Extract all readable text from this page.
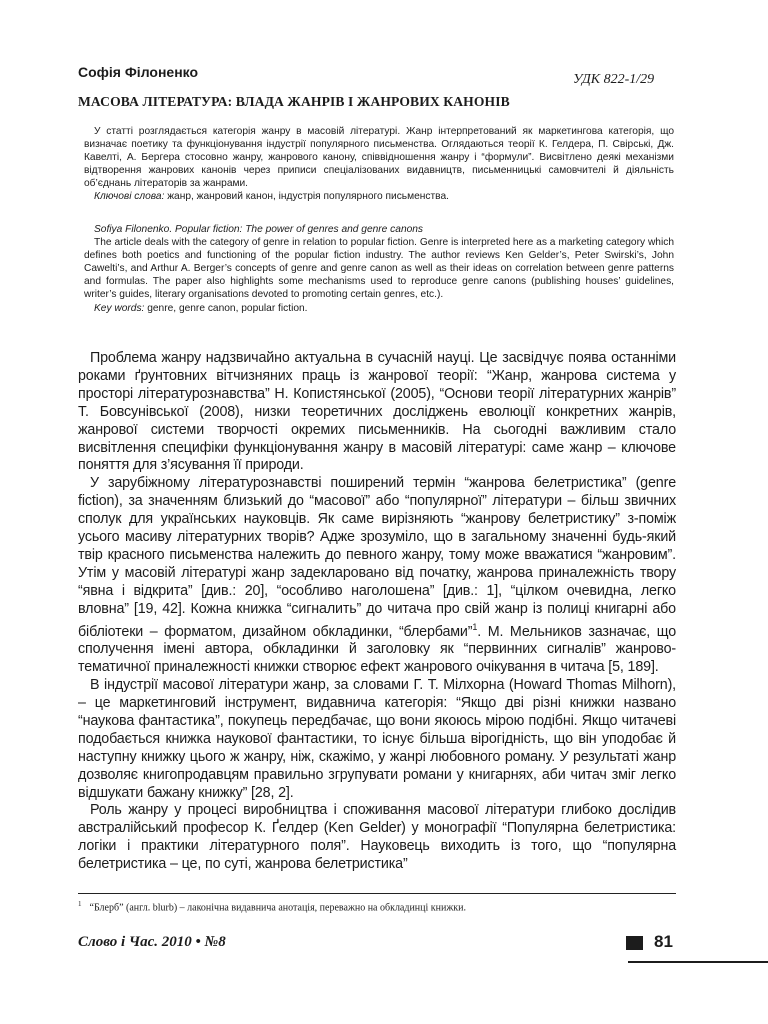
Софія Філоненко	УДК 822-1/29
МАСОВА ЛІТЕРАТУРА: ВЛАДА ЖАНРІВ І ЖАНРОВИХ КАНОНІВ

У статті розглядається категорія жанру в масовій літературі. Жанр інтерпретований як маркетингова категорія, що визначає поетику та функціонування індустрії популярного письменства. Оглядаються теорії К. Гелдера, П. Свірські, Дж. Кавелті, А. Бергера стосовно жанру, жанрового канону, співвідношення жанру і “формули”. Висвітлено деякі механізми відтворення жанрових канонів через приписи спеціалізованих видавництв, письменницькі самовчителі й діяльність об’єднань літераторів за жанрами.

Ключові слова: жанр, жанровий канон, індустрія популярного письменства.

Sofiya Filonenko. Popular fiction: The power of genres and genre canons

The article deals with the category of genre in relation to popular fiction. Genre is interpreted here as a marketing category which defines both poetics and functioning of the popular fiction industry. The author reviews Ken Gelder’s, Peter Swirski’s, John Cawelti’s, and Arthur A. Berger’s concepts of genre and genre canon as well as their ideas on correlation between genre patterns and formulas. The paper also highlights some mechanisms used to reproduce genre canons (publishing houses’ guidelines, writer’s guides, literary organisations devoted to promoting certain genres, etc.).

Key words: genre, genre canon, popular fiction.

Проблема жанру надзвичайно актуальна в сучасній науці. Це засвідчує поява останніми роками ґрунтовних вітчизняних праць із жанрової теорії: “Жанр, жанрова система у просторі літературознавства” Н. Копистянської (2005), “Основи теорії літературних жанрів” Т. Бовсунівської (2008), низки теоретичних досліджень еволюції конкретних жанрів, жанрової системи творчості окремих письменників. На сьогодні важливим стало висвітлення специфіки функціонування жанру в масовій літературі: саме жанр – ключове поняття для з’ясування її природи.

У зарубіжному літературознавстві поширений термін “жанрова белетристика” (genre fiction), за значенням близький до “масової” або “популярної” літератури – більш звичних сполук для українських науковців. Як саме вирізняють “жанрову белетристику” з-поміж усього масиву літературних творів? Адже зрозуміло, що в загальному значенні будь-який твір красного письменства належить до певного жанру, тому може вважатися “жанровим”. Утім у масовій літературі жанр задекларовано від початку, жанрова приналежність твору “явна і відкрита” [див.: 20], “особливо наголошена” [див.: 1], “цілком очевидна, легко вловна” [19, 42]. Кожна книжка “сигналить” до читача про свій жанр із полиці книгарні або бібліотеки – форматом, дизайном обкладинки, “блербами”$^1$. М. Мельников зазначає, що сполучення імені автора, обкладинки й заголовку як “первинних сигналів” жанрово-тематичної приналежності книжки створює ефект жанрового очікування в читача [5, 189].

В індустрії масової літератури жанр, за словами Г. Т. Мілхорна (Howard Thomas Milhorn), – це маркетинговий інструмент, видавнича категорія: “Якщо дві різні книжки названо “наукова фантастика”, покупець передбачає, що вони якоюсь мірою подібні. Якщо читачеві подобається книжка наукової фантастики, то існує більша вірогідність, що він уподобає й наступну книжку цього ж жанру, ніж, скажімо, у жанрі любовного роману. У результаті жанр дозволяє книгопродавцям правильно згрупувати романи у книгарнях, аби читач зміг легко відшукати бажану книжку” [28, 2].

Роль жанру у процесі виробництва і споживання масової літератури глибоко дослідив австралійський професор К. Ґелдер (Ken Gelder) у монографії “Популярна белетристика: логіки і практики літературного поля”. Науковець виходить із того, що “популярна белетристика – це, по суті, жанрова белетристика”

$^1$ “Блерб” (англ. blurb) – лаконічна видавнича анотація, переважно на обкладинці книжки.
Слово і Час. 2010 • №8	81
